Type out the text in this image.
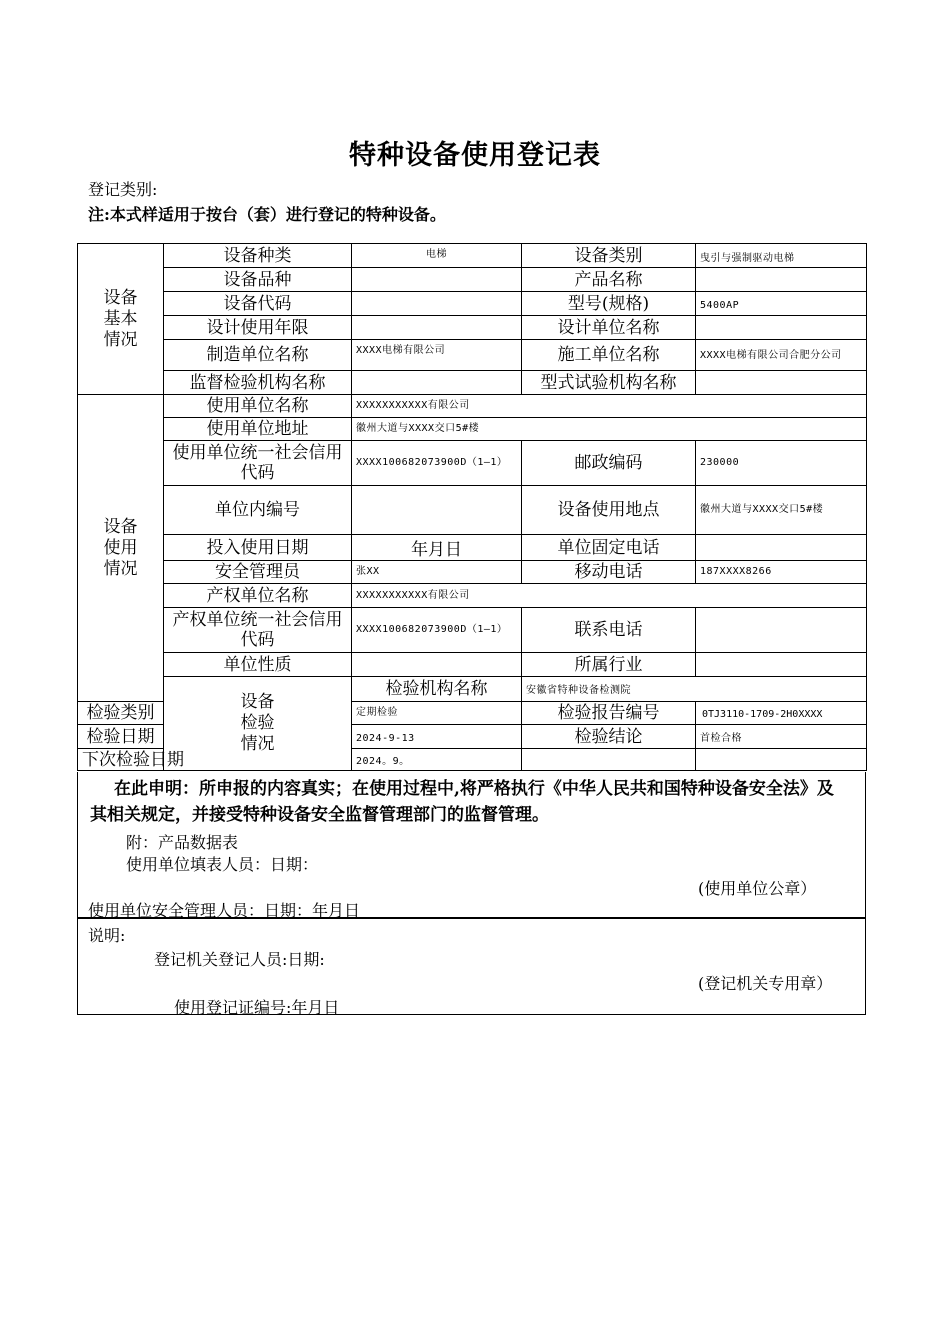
特种设备使用登记表
登记类别:
注:本式样适用于按台（套）进行登记的特种设备。
设备
基本
情况	设备种类	电梯	设备类别	曳引与强制驱动电梯
	设备品种		产品名称	
	设备代码		型号(规格)	5400AP
	设计使用年限		设计单位名称	
	制造单位名称	XXXX电梯有限公司	施工单位名称	XXXX电梯有限公司合肥分公司
	监督检验机构名称		型式试验机构名称	
设备
使用
情况	使用单位名称	XXXXXXXXXXX有限公司		
	使用单位地址	徽州大道与XXXX交口5#楼		
	使用单位统一社会信用代码	XXXX100682073900D（1—1）	邮政编码	230000
	单位内编号		设备使用地点	徽州大道与XXXX交口5#楼
	投入使用日期	年月日	单位固定电话	
	安全管理员	张XX	移动电话	187XXXX8266
	产权单位名称	XXXXXXXXXXX有限公司		
	产权单位统一社会信用代码	XXXX100682073900D（1—1）	联系电话	
	单位性质		所属行业	
	设备
检验
情况	检验机构名称	安徽省特种设备检测院	
检验类别		定期检验	检验报告编号	0TJ3110-1709-2H0XXXX
检验日期		2024-9-13	检验结论	首检合格
下次检验日期		2024。9。		
在此申明：所申报的内容真实；在使用过程中,将严格执行《中华人民共和国特种设备安全法》及其相关规定，并接受特种设备安全监督管理部门的监督管理。
附：产品数据表
使用单位填表人员：日期：
(使用单位公章）
使用单位安全管理人员：日期：年月日
说明:
登记机关登记人员:日期:
(登记机关专用章）
使用登记证编号:年月日
